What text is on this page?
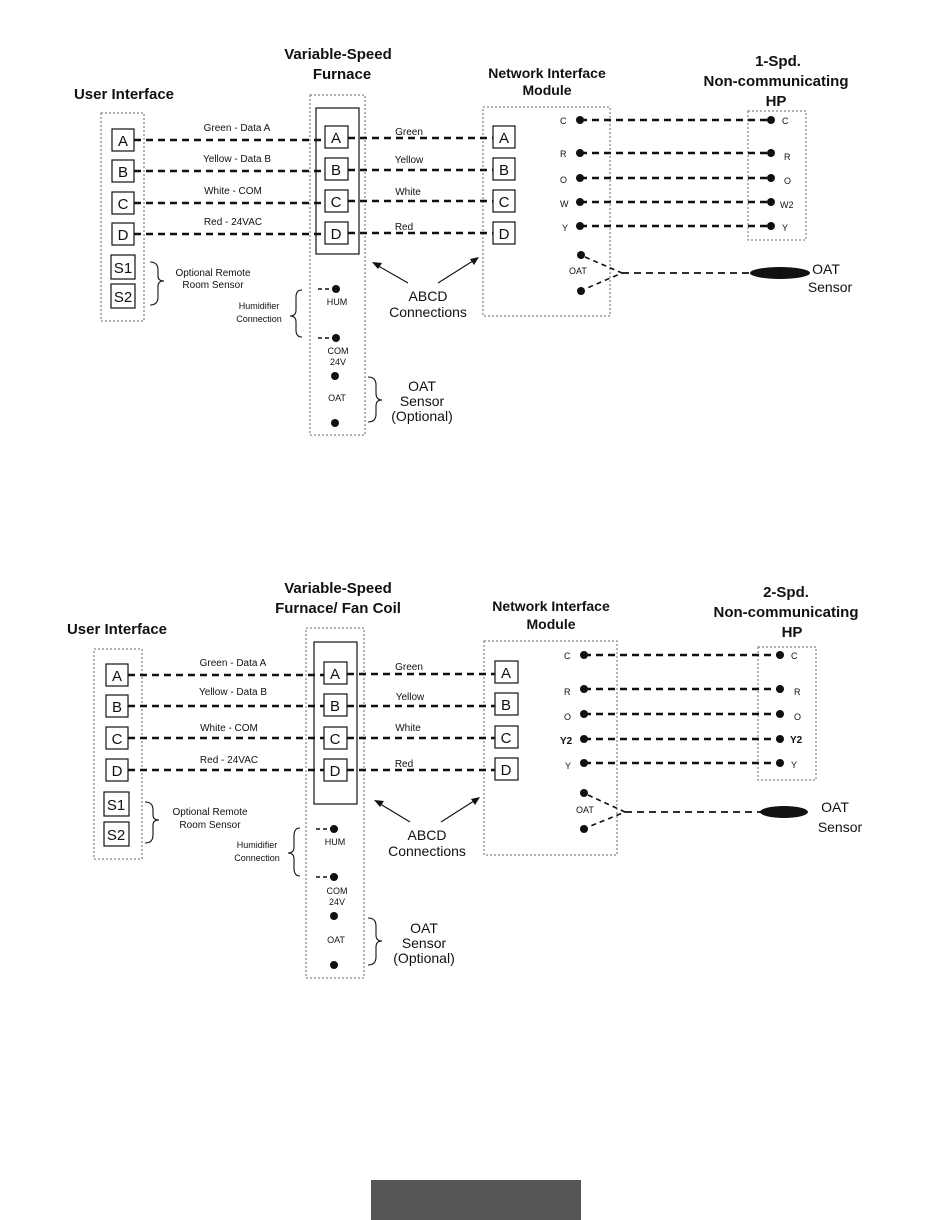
User Interface
Variable-Speed
Furnace	Network Interface
Module
1-Spd.
Non-communicating
HP
A
B
C
D
S1
S2
A
B
C
D
A
B
C
D
Green - Data A
Yellow - Data B
White - COM
Red - 24VAC
Green
Yellow
White
Red
C
R
O
W
Y
C
R
O
W2
Y
OAT	OAT
Sensor
Optional Remote
Room Sensor
Humidifier
Connection
HUM
COM
24V
OAT
OAT
Sensor
(Optional)
ABCD
Connections
User Interface
Variable-Speed
Furnace/ Fan Coil	Network Interface
Module
2-Spd.
Non-communicating
HP
A
B
C
D
S1
S2
A
B
C
D
A
B
C
D
Green - Data A
Yellow - Data B
White - COM
Red - 24VAC
Green
Yellow
White
Red
C
R
O
Y2
Y
C
R
O
Y2
Y
OAT	OAT
Sensor
Optional Remote
Room Sensor
Humidifier
Connection
HUM
COM
24V
OAT
OAT
Sensor
(Optional)
ABCD
Connections
